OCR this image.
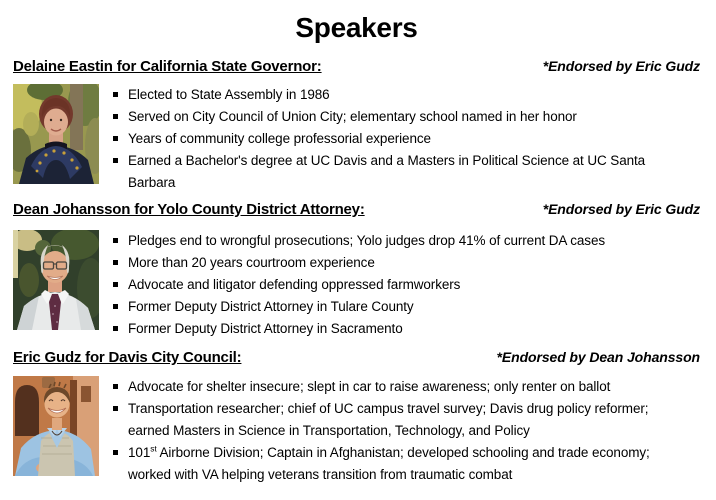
Speakers
Delaine Eastin for California State Governor:	*Endorsed by Eric Gudz
Elected to State Assembly in 1986
Served on City Council of Union City; elementary school named in her honor
Years of community college professorial experience
Earned a Bachelor's degree at UC Davis and a Masters in Political Science at UC Santa Barbara
Dean Johansson for Yolo County District Attorney:	*Endorsed by Eric Gudz
Pledges end to wrongful prosecutions; Yolo judges drop 41% of current DA cases
More than 20 years courtroom experience
Advocate and litigator defending oppressed farmworkers
Former Deputy District Attorney in Tulare County
Former Deputy District Attorney in Sacramento
Eric Gudz for Davis City Council:	*Endorsed by Dean Johansson
Advocate for shelter insecure; slept in car to raise awareness; only renter on ballot
Transportation researcher; chief of UC campus travel survey; Davis drug policy reformer; earned Masters in Science in Transportation, Technology, and Policy
101st Airborne Division; Captain in Afghanistan; developed schooling and trade economy; worked with VA helping veterans transition from traumatic combat
